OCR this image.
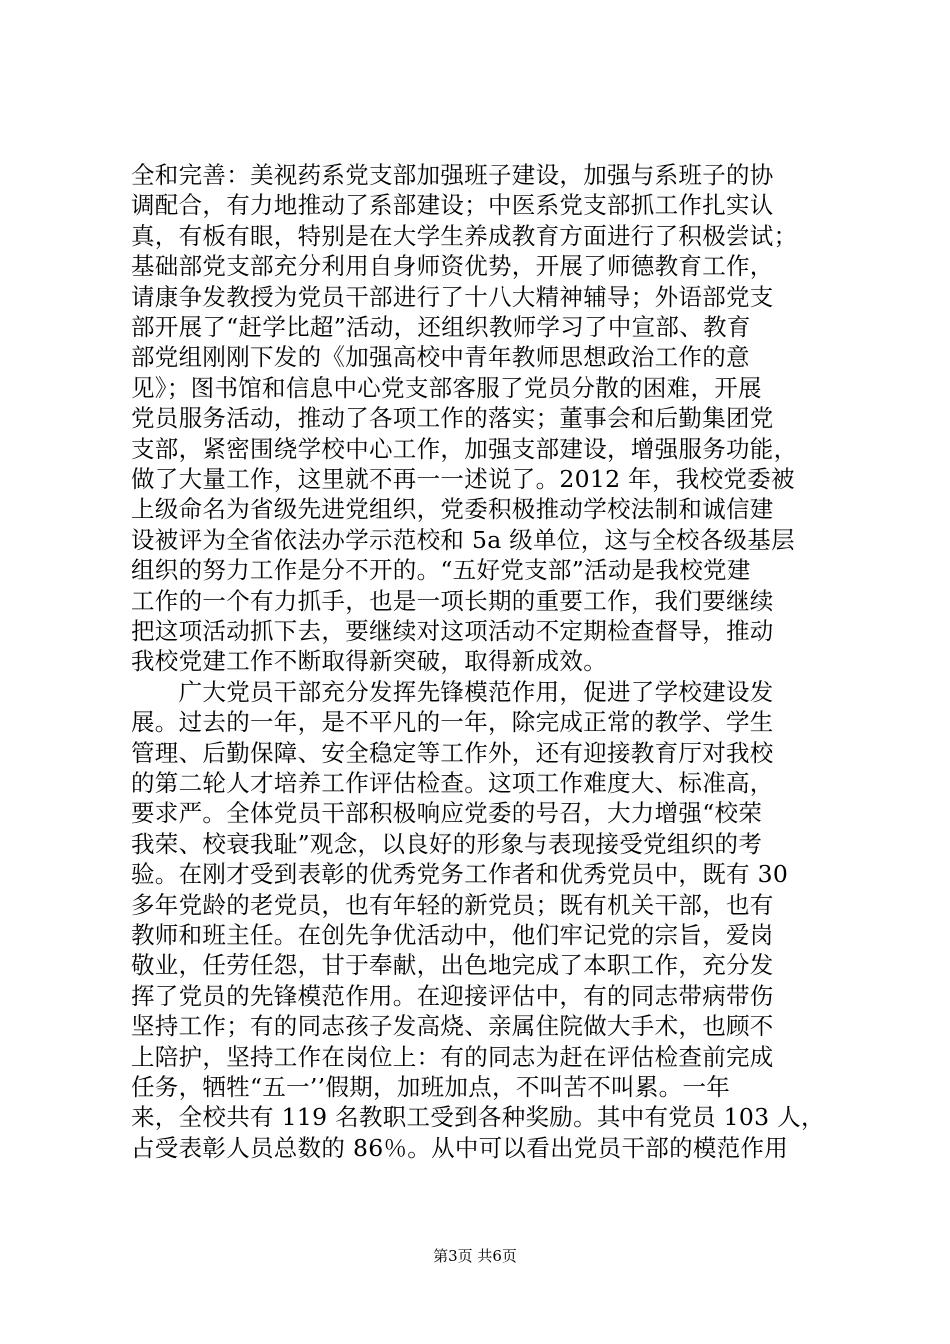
全和完善：美视药系党支部加强班子建设，加强与系班子的协
调配合，有力地推动了系部建设；中医系党支部抓工作扎实认
真，有板有眼，特别是在大学生养成教育方面进行了积极尝试；
基础部党支部充分利用自身师资优势，开展了师德教育工作，
请康争发教授为党员干部进行了十八大精神辅导；外语部党支
部开展了“赶学比超”活动，还组织教师学习了中宣部、教育
部党组刚刚下发的《加强高校中青年教师思想政治工作的意
见》；图书馆和信息中心党支部客服了党员分散的困难，开展
党员服务活动，推动了各项工作的落实；董事会和后勤集团党
支部，紧密围绕学校中心工作，加强支部建设，增强服务功能，
做了大量工作，这里就不再一一述说了。2012 年，我校党委被
上级命名为省级先进党组织，党委积极推动学校法制和诚信建
设被评为全省依法办学示范校和 5a 级单位，这与全校各级基层
组织的努力工作是分不开的。“五好党支部”活动是我校党建
工作的一个有力抓手，也是一项长期的重要工作，我们要继续
把这项活动抓下去，要继续对这项活动不定期检查督导，推动
我校党建工作不断取得新突破，取得新成效。
　　广大党员干部充分发挥先锋模范作用，促进了学校建设发
展。过去的一年，是不平凡的一年，除完成正常的教学、学生
管理、后勤保障、安全稳定等工作外，还有迎接教育厅对我校
的第二轮人才培养工作评估检查。这项工作难度大、标准高，
要求严。全体党员干部积极响应党委的号召，大力增强“校荣
我荣、校衰我耻”观念，以良好的形象与表现接受党组织的考
验。在刚才受到表彰的优秀党务工作者和优秀党员中，既有 30
多年党龄的老党员，也有年轻的新党员；既有机关干部，也有
教师和班主任。在创先争优活动中，他们牢记党的宗旨，爱岗
敬业，任劳任怨，甘于奉献，出色地完成了本职工作，充分发
挥了党员的先锋模范作用。在迎接评估中，有的同志带病带伤
坚持工作；有的同志孩子发高烧、亲属住院做大手术，也顾不
上陪护，坚持工作在岗位上：有的同志为赶在评估检查前完成
任务，牺牲“五一’’假期，加班加点，不叫苦不叫累。一年
来，全校共有 119 名教职工受到各种奖励。其中有党员 103 人，
占受表彰人员总数的 86％。从中可以看出党员干部的模范作用
第3页 共6页
